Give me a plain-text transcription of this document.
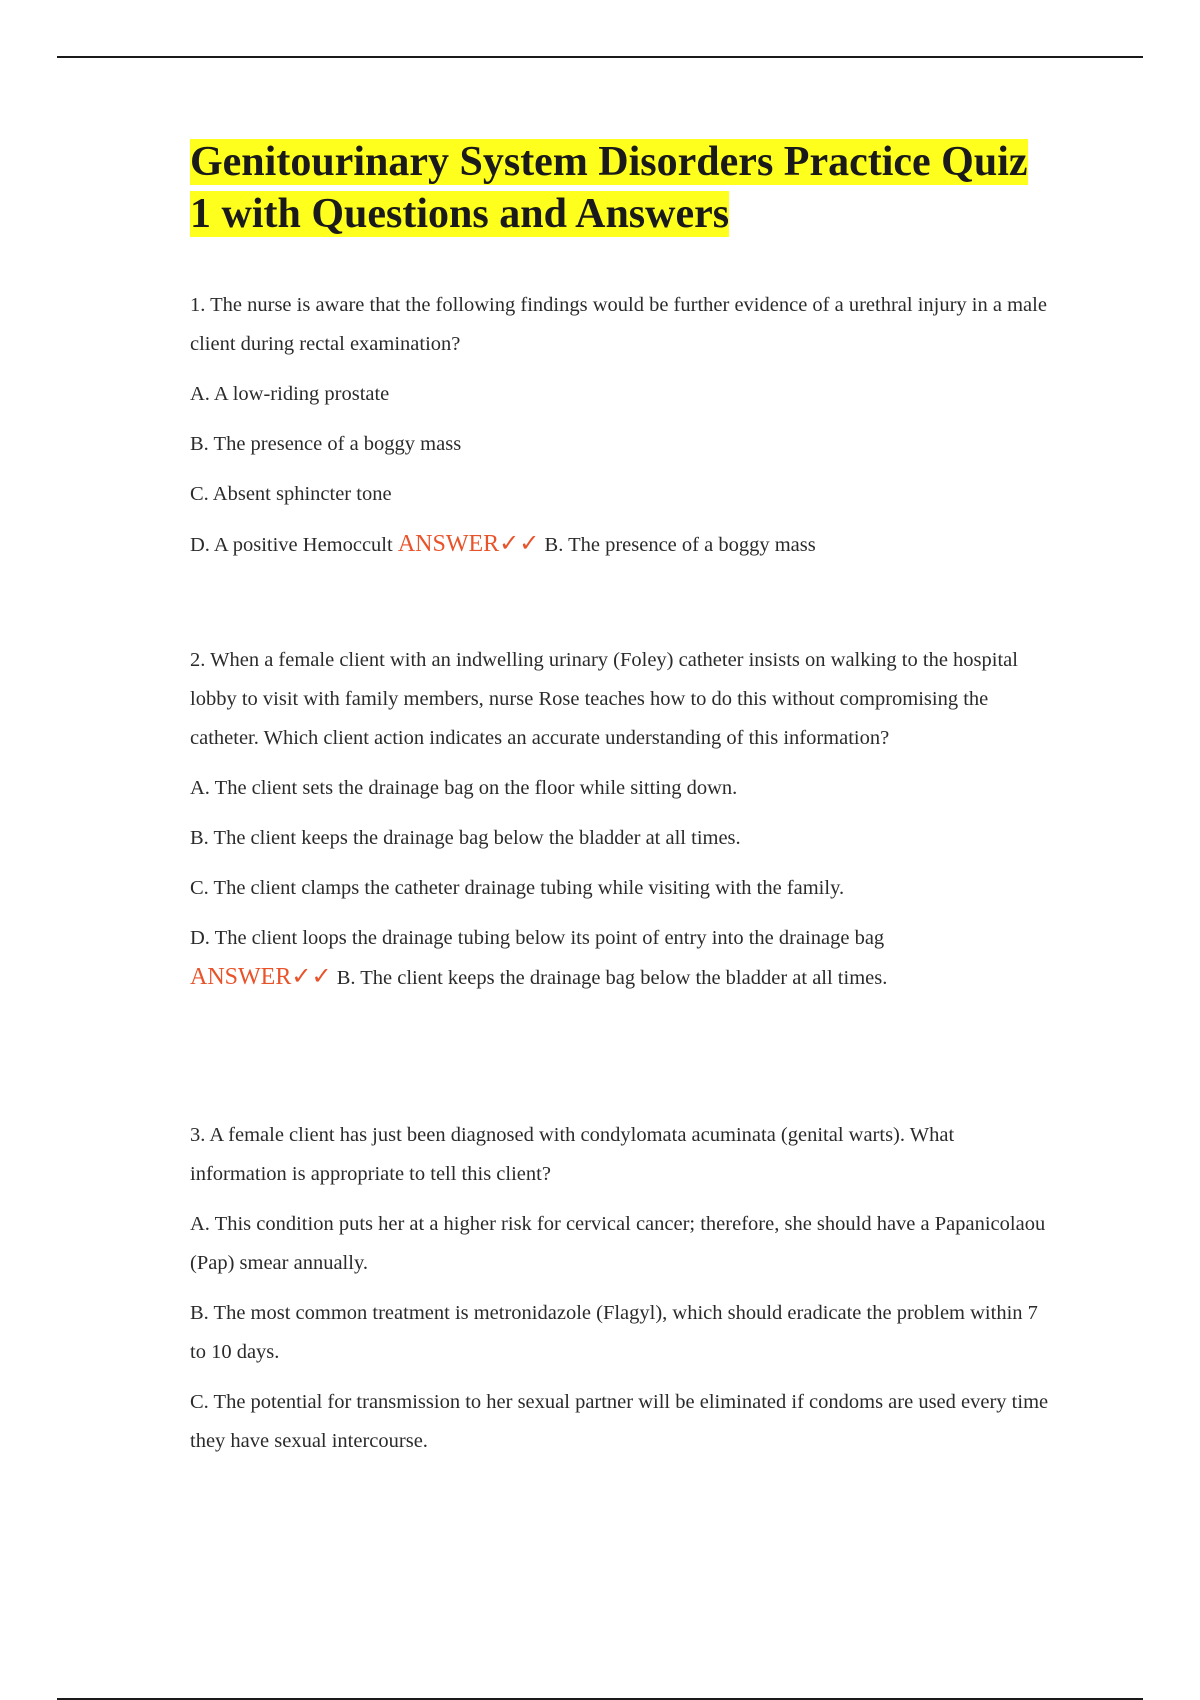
Genitourinary System Disorders Practice Quiz 1 with Questions and Answers

1. The nurse is aware that the following findings would be further evidence of a urethral injury in a male client during rectal examination?

A. A low-riding prostate

B. The presence of a boggy mass

C. Absent sphincter tone

D. A positive Hemoccult ANSWER✓✓ B. The presence of a boggy mass

2. When a female client with an indwelling urinary (Foley) catheter insists on walking to the hospital lobby to visit with family members, nurse Rose teaches how to do this without compromising the catheter. Which client action indicates an accurate understanding of this information?

A. The client sets the drainage bag on the floor while sitting down.

B. The client keeps the drainage bag below the bladder at all times.

C. The client clamps the catheter drainage tubing while visiting with the family.

D. The client loops the drainage tubing below its point of entry into the drainage bag

ANSWER✓✓ B. The client keeps the drainage bag below the bladder at all times.

3. A female client has just been diagnosed with condylomata acuminata (genital warts). What information is appropriate to tell this client?

A. This condition puts her at a higher risk for cervical cancer; therefore, she should have a Papanicolaou (Pap) smear annually.

B. The most common treatment is metronidazole (Flagyl), which should eradicate the problem within 7 to 10 days.

C. The potential for transmission to her sexual partner will be eliminated if condoms are used every time they have sexual intercourse.
